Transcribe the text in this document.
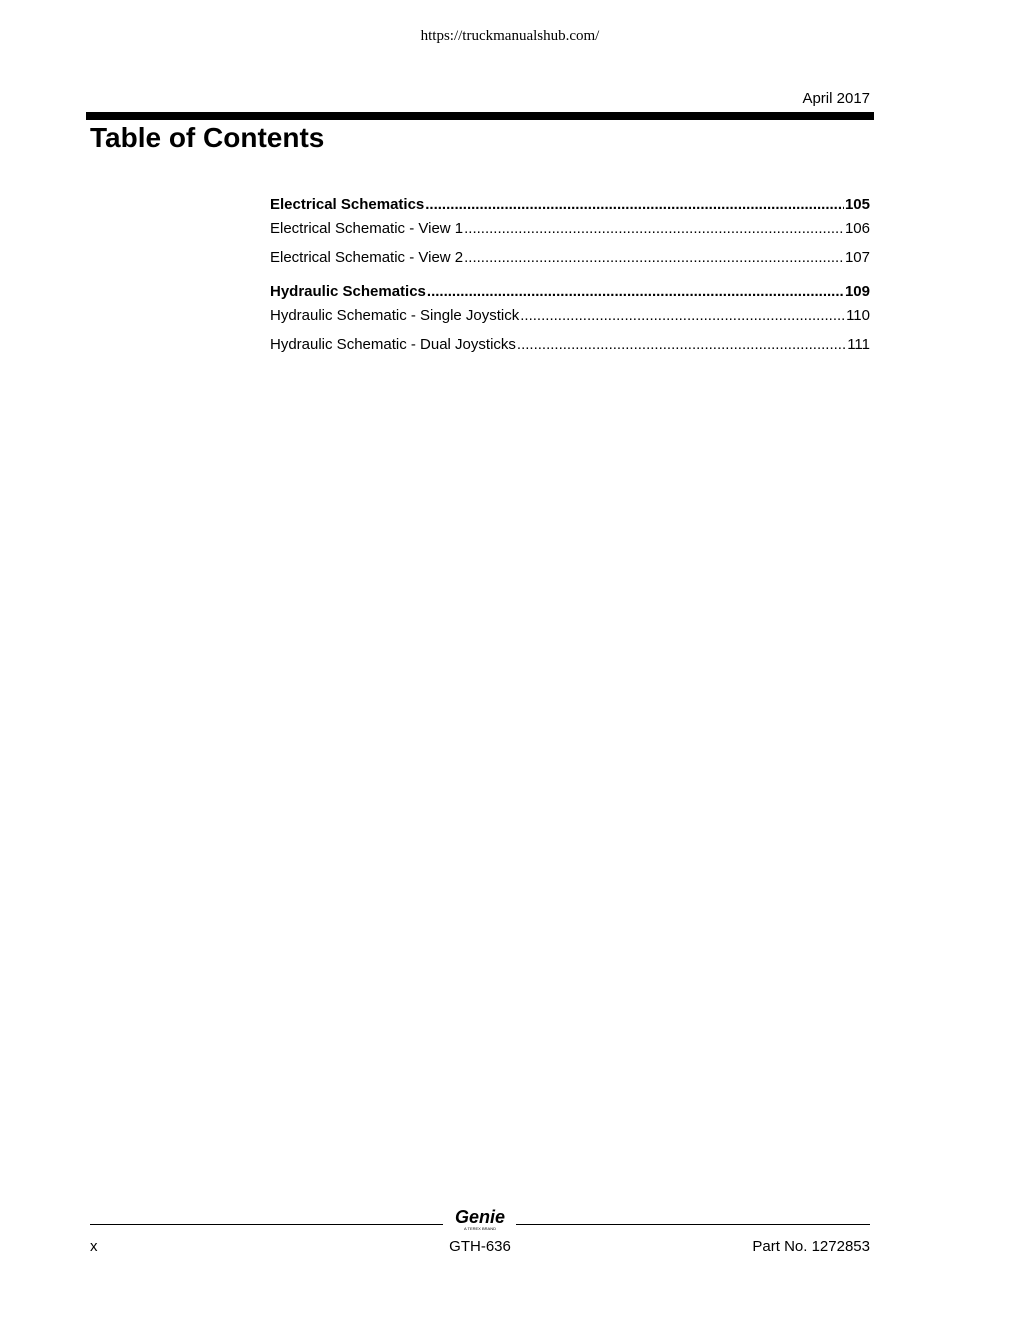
https://truckmanualshub.com/
April 2017
Table of Contents
Electrical Schematics .....	105
Electrical Schematic - View 1 .....	106
Electrical Schematic - View 2 .....	107
Hydraulic Schematics .....	109
Hydraulic Schematic - Single Joystick .....	110
Hydraulic Schematic - Dual Joysticks .....	111
Genie
A TEREX BRAND
x	GTH-636	Part No. 1272853
